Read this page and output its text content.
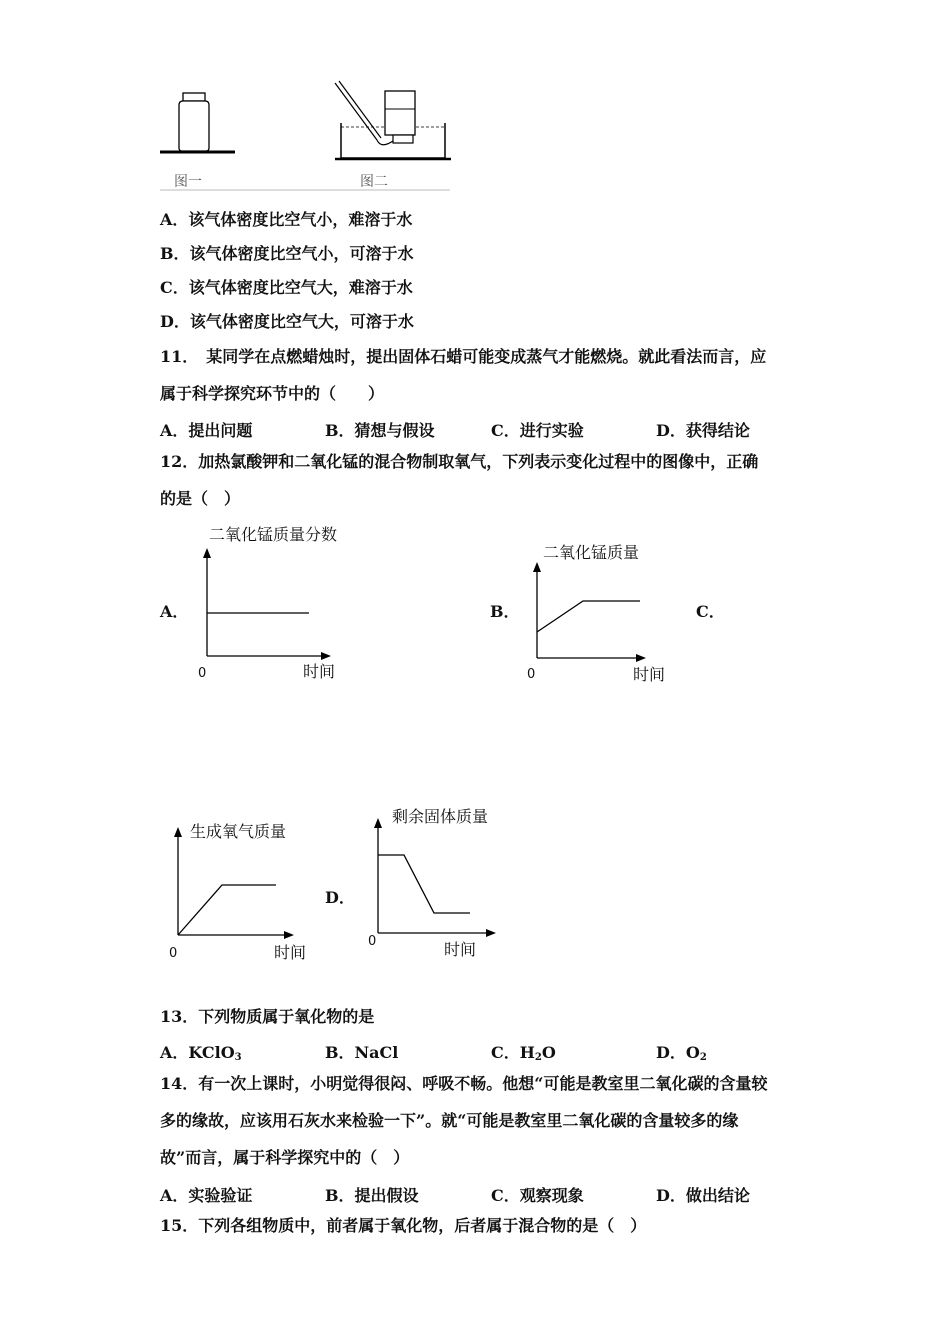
图一	图二
A．该气体密度比空气小，难溶于水
B．该气体密度比空气小，可溶于水
C．该气体密度比空气大，难溶于水
D．该气体密度比空气大，可溶于水
11．　某同学在点燃蜡烛时，提出固体石蜡可能变成蒸气才能燃烧。就此看法而言，应
属于科学探究环节中的（　　）
A．提出问题	B．猜想与假设	C．进行实验	D．获得结论
12．加热氯酸钾和二氧化锰的混合物制取氧气，下列表示变化过程中的图像中，正确
的是（　）
A．	B．	C．
D．
二氧化锰质量分数
0	时间
二氧化锰质量
0	时间
生成氧气质量
0	时间
剩余固体质量
0	时间
13．下列物质属于氧化物的是
A．KClO$_3$	B．NaCl	C．$H_2O$	D．$O_2$
14．有一次上课时，小明觉得很闷、呼吸不畅。他想“可能是教室里二氧化碳的含量较
多的缘故，应该用石灰水来检验一下”。就“可能是教室里二氧化碳的含量较多的缘
故”而言，属于科学探究中的（　）
A．实验验证	B．提出假设	C．观察现象	D．做出结论
15．下列各组物质中，前者属于氧化物，后者属于混合物的是（　）
